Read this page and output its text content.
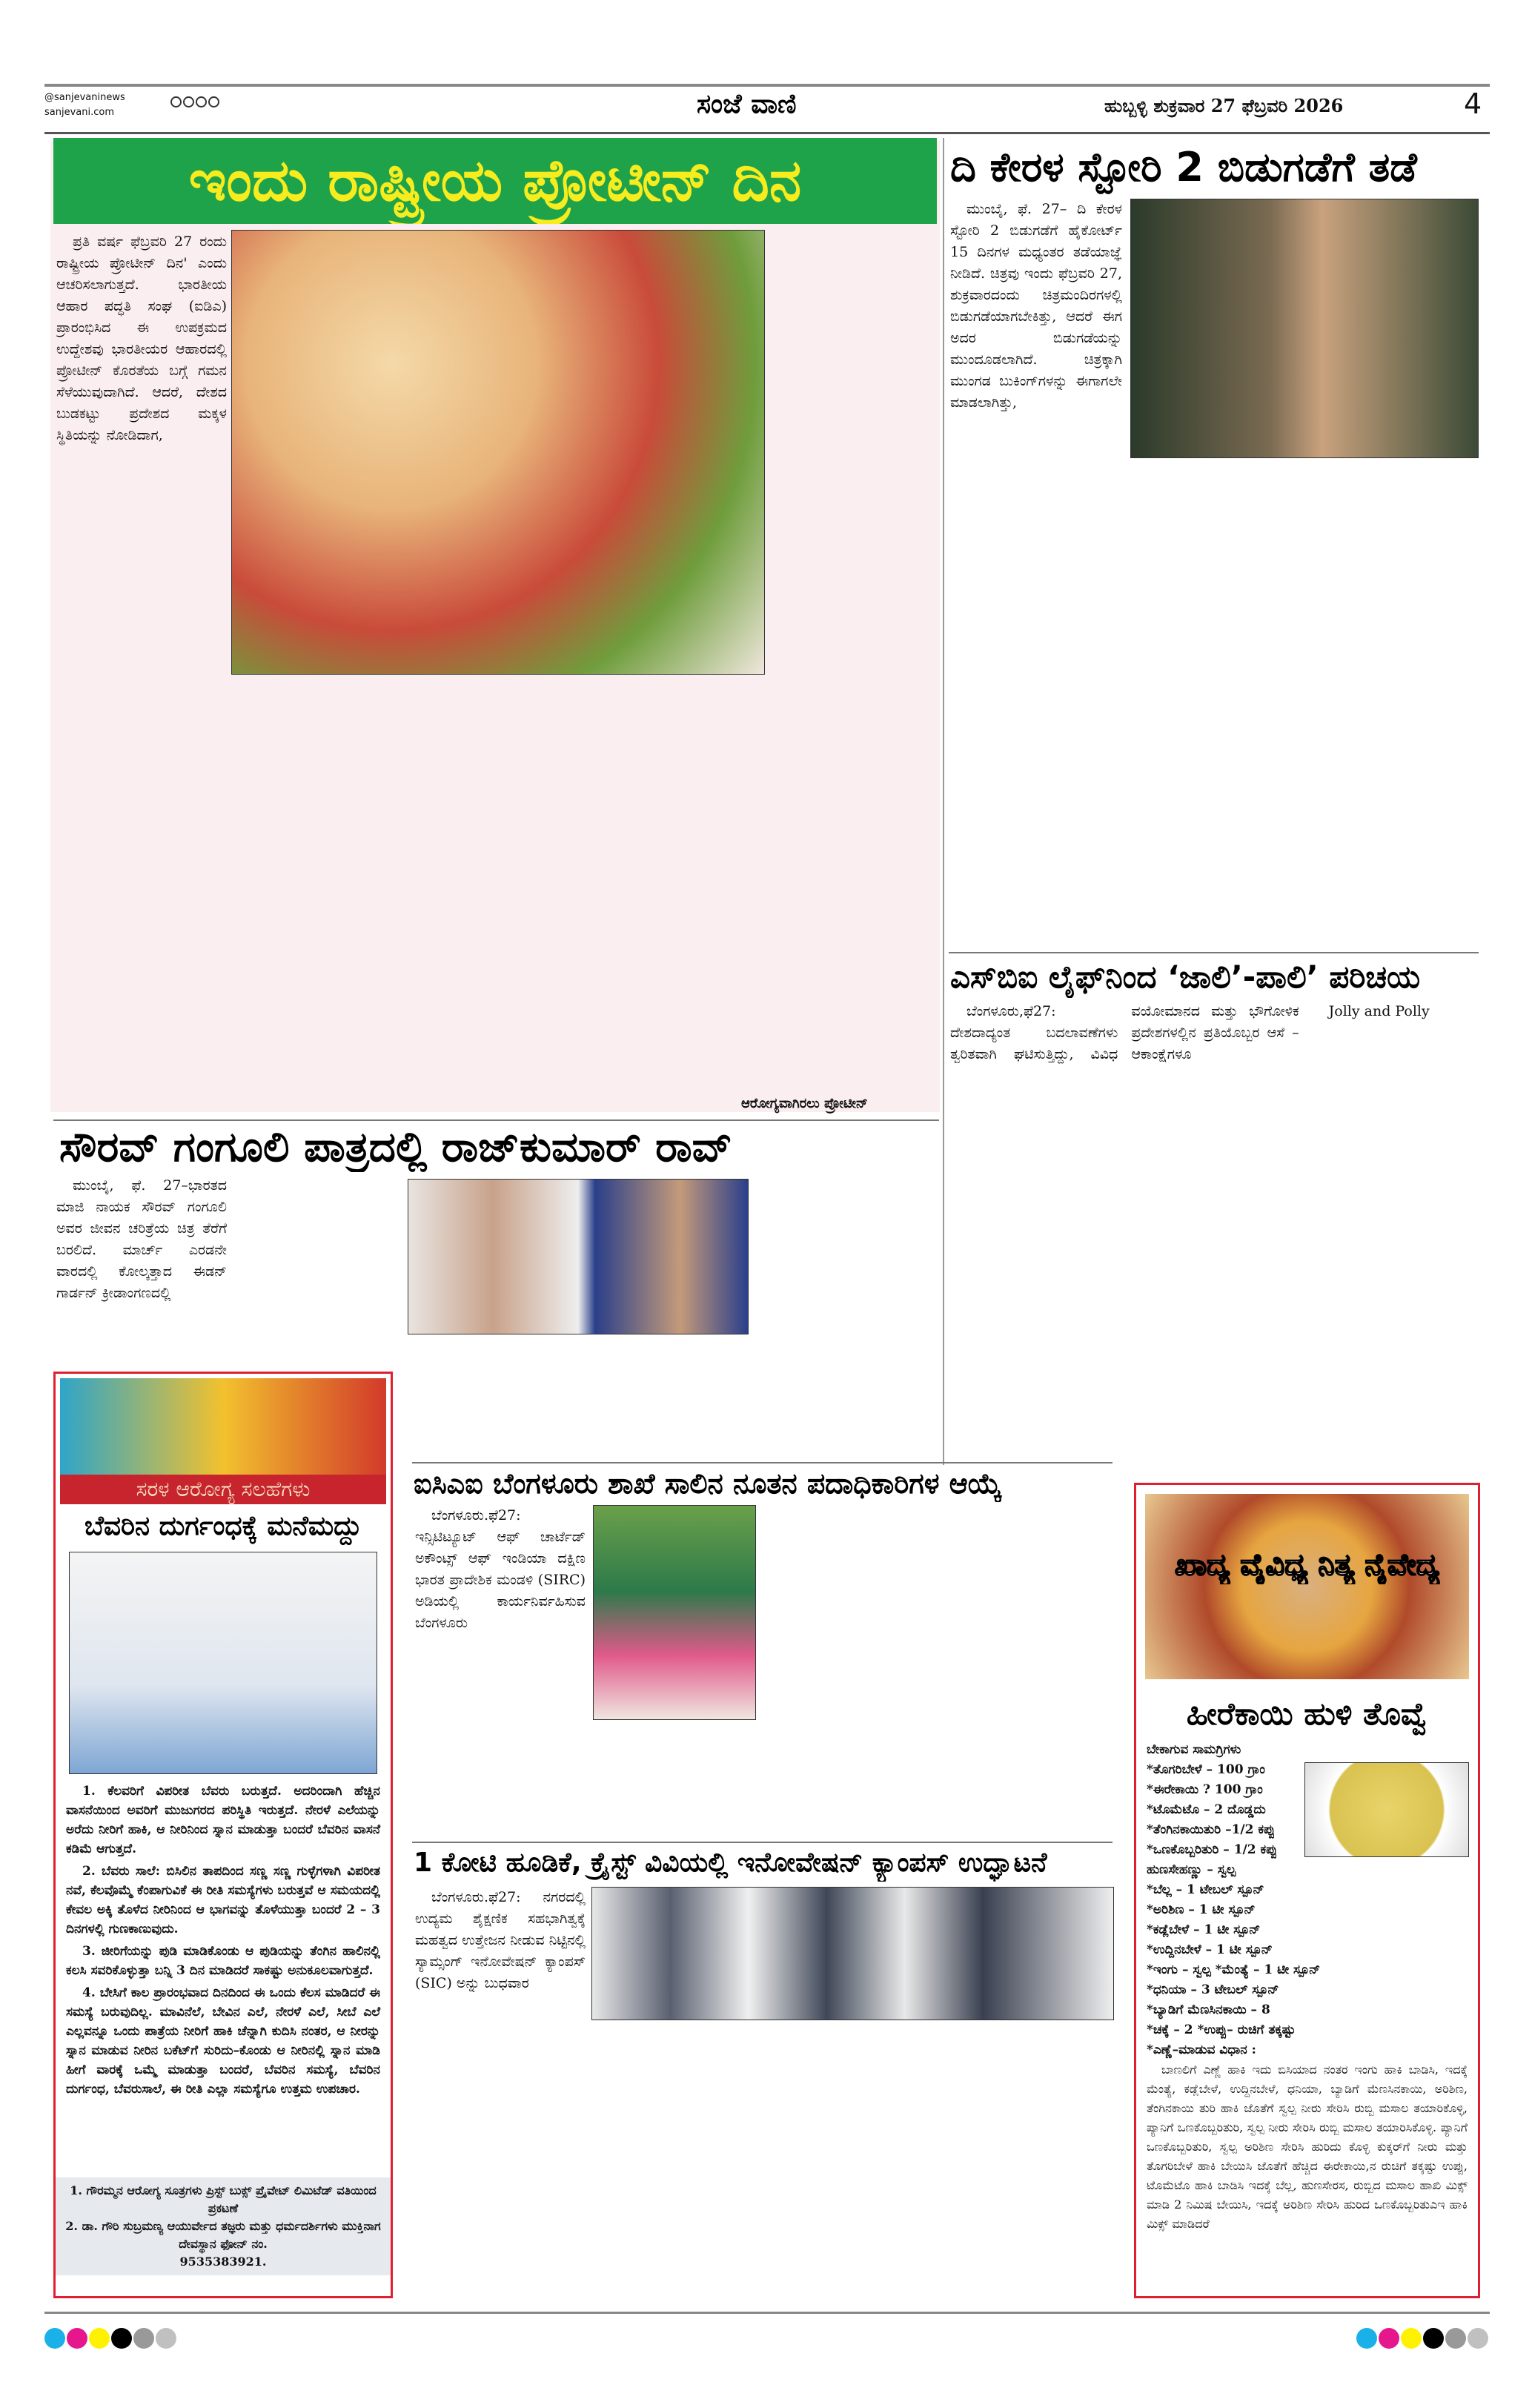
@sanjevaninews
sanjevani.com	ಸಂಜೆ ವಾಣಿ	ಹುಬ್ಬಳ್ಳಿ ಶುಕ್ರವಾರ 27 ಫೆಬ್ರವರಿ 2026	4
ಇಂದು ರಾಷ್ಟ್ರೀಯ ಪ್ರೋಟೀನ್ ದಿನ

ಪ್ರತಿ ವರ್ಷ ಫೆಬ್ರವರಿ 27 ರಂದು ರಾಷ್ಟ್ರೀಯ ಪ್ರೋಟೀನ್ ದಿನ' ಎಂದು ಆಚರಿಸಲಾಗುತ್ತದೆ. ಭಾರತೀಯ ಆಹಾರ ಪದ್ಧತಿ ಸಂಘ (ಐಡಿಎ) ಪ್ರಾರಂಭಿಸಿದ ಈ ಉಪಕ್ರಮದ ಉದ್ದೇಶವು ಭಾರತೀಯರ ಆಹಾರದಲ್ಲಿ ಪ್ರೋಟೀನ್ ಕೊರತೆಯ ಬಗ್ಗೆ ಗಮನ ಸೆಳೆಯುವುದಾಗಿದೆ. ಆದರೆ, ದೇಶದ ಬುಡಕಟ್ಟು ಪ್ರದೇಶದ ಮಕ್ಕಳ ಸ್ಥಿತಿಯನ್ನು ನೋಡಿದಾಗ,

ಆರೋಗ್ಯವಾಗಿರಲು ಪ್ರೋಟೀನ್
ದಿ ಕೇರಳ ಸ್ಟೋರಿ 2 ಬಿಡುಗಡೆಗೆ ತಡೆ

ಮುಂಬೈ, ಫೆ. 27– ದಿ ಕೇರಳ ಸ್ಟೋರಿ 2 ಬಿಡುಗಡೆಗೆ ಹೈಕೋರ್ಟ್ 15 ದಿನಗಳ ಮಧ್ಯಂತರ ತಡೆಯಾಜ್ಞೆ ನೀಡಿದೆ. ಚಿತ್ರವು ಇಂದು ಫೆಬ್ರವರಿ 27, ಶುಕ್ರವಾರದಂದು ಚಿತ್ರಮಂದಿರಗಳಲ್ಲಿ ಬಿಡುಗಡೆಯಾಗಬೇಕಿತ್ತು, ಆದರೆ ಈಗ ಅದರ ಬಿಡುಗಡೆಯನ್ನು ಮುಂದೂಡಲಾಗಿದೆ. ಚಿತ್ರಕ್ಕಾಗಿ ಮುಂಗಡ ಬುಕಿಂಗ್‌ಗಳನ್ನು ಈಗಾಗಲೇ ಮಾಡಲಾಗಿತ್ತು,

ಎಸ್‌ಬಿಐ ಲೈಫ್‌ನಿಂದ ‘ಜಾಲಿ’-ಪಾಲಿ’ ಪರಿಚಯ

ಬೆಂಗಳೂರು,ಫೆ27: ದೇಶದಾದ್ಯಂತ ಬದಲಾವಣೆಗಳು ತ್ವರಿತವಾಗಿ ಘಟಿಸುತ್ತಿದ್ದು, ವಿವಿಧ ವಯೋಮಾನದ ಮತ್ತು ಭೌಗೋಳಿಕ ಪ್ರದೇಶಗಳಲ್ಲಿನ ಪ್ರತಿಯೊಬ್ಬರ ಆಸೆ – ಆಕಾಂಕ್ಷೆಗಳೂ

Jolly and Polly

ಸೌರವ್ ಗಂಗೂಲಿ ಪಾತ್ರದಲ್ಲಿ ರಾಜ್‌ಕುಮಾರ್ ರಾವ್

ಮುಂಬೈ, ಫೆ. 27–ಭಾರತದ ಮಾಜಿ ನಾಯಕ ಸೌರವ್ ಗಂಗೂಲಿ ಅವರ ಜೀವನ ಚರಿತ್ರೆಯ ಚಿತ್ರ ತೆರೆಗೆ ಬರಲಿದೆ. ಮಾರ್ಚ್ ಎರಡನೇ ವಾರದಲ್ಲಿ ಕೋಲ್ಕತ್ತಾದ ಈಡನ್ ಗಾರ್ಡನ್ ಕ್ರೀಡಾಂಗಣದಲ್ಲಿ

ಸರಳ ಆರೋಗ್ಯ ಸಲಹೆಗಳು
ಬೆವರಿನ ದುರ್ಗಂಧಕ್ಕೆ ಮನೆಮದ್ದು

1. ಕೆಲವರಿಗೆ ವಿಪರೀತ ಬೆವರು ಬರುತ್ತದೆ. ಅದರಿಂದಾಗಿ ಹೆಚ್ಚಿನ ವಾಸನೆಯಿಂದ ಅವರಿಗೆ ಮುಜುಗರದ ಪರಿಸ್ಥಿತಿ ಇರುತ್ತದೆ. ನೇರಳೆ ಎಲೆಯನ್ನು ಅರೆದು ನೀರಿಗೆ ಹಾಕಿ, ಆ ನೀರಿನಿಂದ ಸ್ನಾನ ಮಾಡುತ್ತಾ ಬಂದರೆ ಬೆವರಿನ ವಾಸನೆ ಕಡಿಮೆ ಆಗುತ್ತದೆ.

2. ಬೆವರು ಸಾಲೆ: ಬಿಸಿಲಿನ ತಾಪದಿಂದ ಸಣ್ಣ ಸಣ್ಣ ಗುಳ್ಳೆಗಳಾಗಿ ವಿಪರೀತ ನವೆ, ಕೆಲವೊಮ್ಮೆ ಕೆಂಪಾಗುವಿಕೆ ಈ ರೀತಿ ಸಮಸ್ಯೆಗಳು ಬರುತ್ತವೆ ಆ ಸಮಯದಲ್ಲಿ ಕೇವಲ ಅಕ್ಕಿ ತೊಳೆದ ನೀರಿನಿಂದ ಆ ಭಾಗವನ್ನು ತೊಳೆಯುತ್ತಾ ಬಂದರೆ 2 – 3 ದಿನಗಳಲ್ಲಿ ಗುಣಕಾಣುವುದು.

3. ಜೀರಿಗೆಯನ್ನು ಪುಡಿ ಮಾಡಿಕೊಂಡು ಆ ಪುಡಿಯನ್ನು ತೆಂಗಿನ ಹಾಲಿನಲ್ಲಿ ಕಲಸಿ ಸವರಿಕೊಳ್ಳುತ್ತಾ ಬನ್ನಿ 3 ದಿನ ಮಾಡಿದರೆ ಸಾಕಷ್ಟು ಅನುಕೂಲವಾಗುತ್ತದೆ.

4. ಬೇಸಿಗೆ ಕಾಲ ಪ್ರಾರಂಭವಾದ ದಿನದಿಂದ ಈ ಒಂದು ಕೆಲಸ ಮಾಡಿದರೆ ಈ ಸಮಸ್ಯೆ ಬರುವುದಿಲ್ಲ. ಮಾವಿನೆಲೆ, ಬೇವಿನ ಎಲೆ, ನೇರಳೆ ಎಲೆ, ಸೀಬೆ ಎಲೆ ಎಲ್ಲವನ್ನೂ ಒಂದು ಪಾತ್ರೆಯ ನೀರಿಗೆ ಹಾಕಿ ಚೆನ್ನಾಗಿ ಕುದಿಸಿ ನಂತರ, ಆ ನೀರನ್ನು ಸ್ನಾನ ಮಾಡುವ ನೀರಿನ ಬಕೆಟ್‌ಗೆ ಸುರಿದು–ಕೊಂಡು ಆ ನೀರಿನಲ್ಲಿ ಸ್ನಾನ ಮಾಡಿ ಹೀಗೆ ವಾರಕ್ಕೆ ಒಮ್ಮೆ ಮಾಡುತ್ತಾ ಬಂದರೆ, ಬೆವರಿನ ಸಮಸ್ಯೆ, ಬೆವರಿನ ದುರ್ಗಂಧ, ಬೆವರುಸಾಲೆ, ಈ ರೀತಿ ಎಲ್ಲಾ ಸಮಸ್ಯೆಗೂ ಉತ್ತಮ ಉಪಚಾರ.

1. ಗೌರಮ್ಮನ ಆರೋಗ್ಯ ಸೂತ್ರಗಳು ಪ್ರಿಸ್ಟ್ ಬುಕ್ಸ್ ಪ್ರೈವೇಟ್ ಲಿಮಿಟೆಡ್ ವತಿಯಿಂದ ಪ್ರಕಟಣೆ
2. ಡಾ. ಗೌರಿ ಸುಬ್ರಮಣ್ಯ ಆಯುರ್ವೇದ ತಜ್ಞರು ಮತ್ತು ಧರ್ಮದರ್ಶಿಗಳು ಮುಕ್ತಿನಾಗ ದೇವಸ್ಥಾನ ಫೋನ್ ನಂ.
9535383921.
ಐಸಿಎಐ ಬೆಂಗಳೂರು ಶಾಖೆ ಸಾಲಿನ ನೂತನ ಪದಾಧಿಕಾರಿಗಳ ಆಯ್ಕೆ

ಬೆಂಗಳೂರು.ಫೆ27: ಇನ್ಸಿಟಿಟ್ಯೂಟ್ ಆಫ್ ಚಾರ್ಟೆಡ್ ಅಕೌಂಟ್ಸ್ ಆಫ್ ಇಂಡಿಯಾ ದಕ್ಷಿಣ ಭಾರತ ಪ್ರಾದೇಶಿಕ ಮಂಡಳಿ (SIRC) ಅಡಿಯಲ್ಲಿ ಕಾರ್ಯನಿರ್ವಹಿಸುವ ಬೆಂಗಳೂರು

1 ಕೋಟಿ ಹೂಡಿಕೆ, ಕ್ರೈಸ್ಟ್ ವಿವಿಯಲ್ಲಿ ಇನೋವೇಷನ್ ಕ್ಯಾಂಪಸ್ ಉದ್ಘಾಟನೆ

ಬೆಂಗಳೂರು.ಫೆ27: ನಗರದಲ್ಲಿ ಉದ್ಯಮ ಶೈಕ್ಷಣಿಕ ಸಹಭಾಗಿತ್ವಕ್ಕೆ ಮಹತ್ವದ ಉತ್ತೇಜನ ನೀಡುವ ನಿಟ್ಟಿನಲ್ಲಿ ಸ್ಯಾಮ್ಸಂಗ್ ಇನೋವೇಷನ್ ಕ್ಯಾಂಪಸ್ (SIC) ಅನ್ನು ಬುಧವಾರ

ಖಾದ್ಯ ವೈವಿಧ್ಯ ನಿತ್ಯ ನೈವೇದ್ಯ
ಹೀರೆಕಾಯಿ ಹುಳಿ ತೊವ್ವೆ
ಬೇಕಾಗುವ ಸಾಮಗ್ರಿಗಳು
*ತೊಗರಿಬೇಳೆ – 100 ಗ್ರಾಂ
*ಈರೇಕಾಯಿ ? 100 ಗ್ರಾಂ
*ಟೊಮೆಟೊ – 2 ದೊಡ್ಡದು
*ತೆಂಗಿನಕಾಯಿತುರಿ –1/2 ಕಪ್ಪು
*ಒಣಕೊಬ್ಬರಿತುರಿ – 1/2 ಕಪ್ಪು
ಹುಣಸೇಹಣ್ಣು – ಸ್ವಲ್ಪ
*ಬೆಲ್ಲ – 1 ಟೇಬಲ್ ಸ್ಪೂನ್
*ಅರಿಶಿಣ – 1 ಟೀ ಸ್ಪೂನ್
*ಕಡ್ಲೆಬೇಳೆ – 1 ಟೀ ಸ್ಪೂನ್
*ಉದ್ದಿನಬೇಳೆ – 1 ಟೀ ಸ್ಪೂನ್
*ಇಂಗು – ಸ್ವಲ್ಪ *ಮೆಂತ್ಯೆ – 1 ಟೀ ಸ್ಪೂನ್
*ಧನಿಯಾ – 3 ಟೇಬಲ್ ಸ್ಪೂನ್
*ಬ್ಯಾಡಿಗೆ ಮೆಣಸಿನಕಾಯಿ – 8
*ಚಕ್ಕೆ – 2 *ಉಪ್ಪು– ರುಚಿಗೆ ತಕ್ಕಷ್ಟು
*ಎಣ್ಣೆ–ಮಾಡುವ ವಿಧಾನ :
ಬಾಣಲಿಗೆ ಎಣ್ಣೆ ಹಾಕಿ ಇದು ಬಿಸಿಯಾದ ನಂತರ ಇಂಗು ಹಾಕಿ ಬಾಡಿಸಿ, ಇದಕ್ಕೆ ಮೆಂತ್ಯೆ, ಕಡ್ಲೆಬೇಳೆ, ಉದ್ದಿನಬೇಳೆ, ಧನಿಯಾ, ಬ್ಯಾಡಿಗೆ ಮೆಣಸಿನಕಾಯಿ, ಅರಿಶಿಣ, ತೆಂಗಿನಕಾಯಿ ತುರಿ ಹಾಕಿ ಜೊತೆಗೆ ಸ್ವಲ್ಪ ನೀರು ಸೇರಿಸಿ ರುಬ್ಬಿ ಮಸಾಲ ತಯಾರಿಕೊಳ್ಳಿ, ಪ್ಯಾನಿಗೆ ಒಣಕೊಬ್ಬರಿತುರಿ, ಸ್ವಲ್ಪ ನೀರು ಸೇರಿಸಿ ರುಬ್ಬಿ ಮಸಾಲ ತಯಾರಿಸಿಕೊಳ್ಳಿ. ಪ್ಯಾನಿಗೆ ಒಣಕೊಬ್ಬರಿತುರಿ, ಸ್ವಲ್ಪ ಅರಿಶಿಣ ಸೇರಿಸಿ ಹುರಿದು ಕೊಳ್ಳಿ ಕುಕ್ಕರ್‌ಗೆ ನೀರು ಮತ್ತು ತೊಗರಿಬೇಳೆ ಹಾಕಿ ಬೇಯಿಸಿ ಜೊತೆಗೆ ಹೆಚ್ಚಿದ ಈರೇಕಾಯಿ,ನ ರುಚಿಗೆ ತಕ್ಕಷ್ಟು ಉಪ್ಪು, ಟೊಮೆಟೊ ಹಾಕಿ ಬಾಡಿಸಿ ಇದಕ್ಕೆ ಬೆಲ್ಲ, ಹುಣಸೇರಸ, ರುಬ್ಬಿದ ಮಸಾಲ ಹಾಖಿ ಮಿಕ್ಸ್ ಮಾಡಿ 2 ನಿಮಿಷ ಬೇಯಿಸಿ, ಇದಕ್ಕೆ ಅರಿಶಿಣ ಸೇರಿಸಿ ಹುರಿದ ಒಣಕೊಬ್ಬರಿತುಎಇ ಹಾಕಿ ಮಿಕ್ಸ್ ಮಾಡಿದರೆ
